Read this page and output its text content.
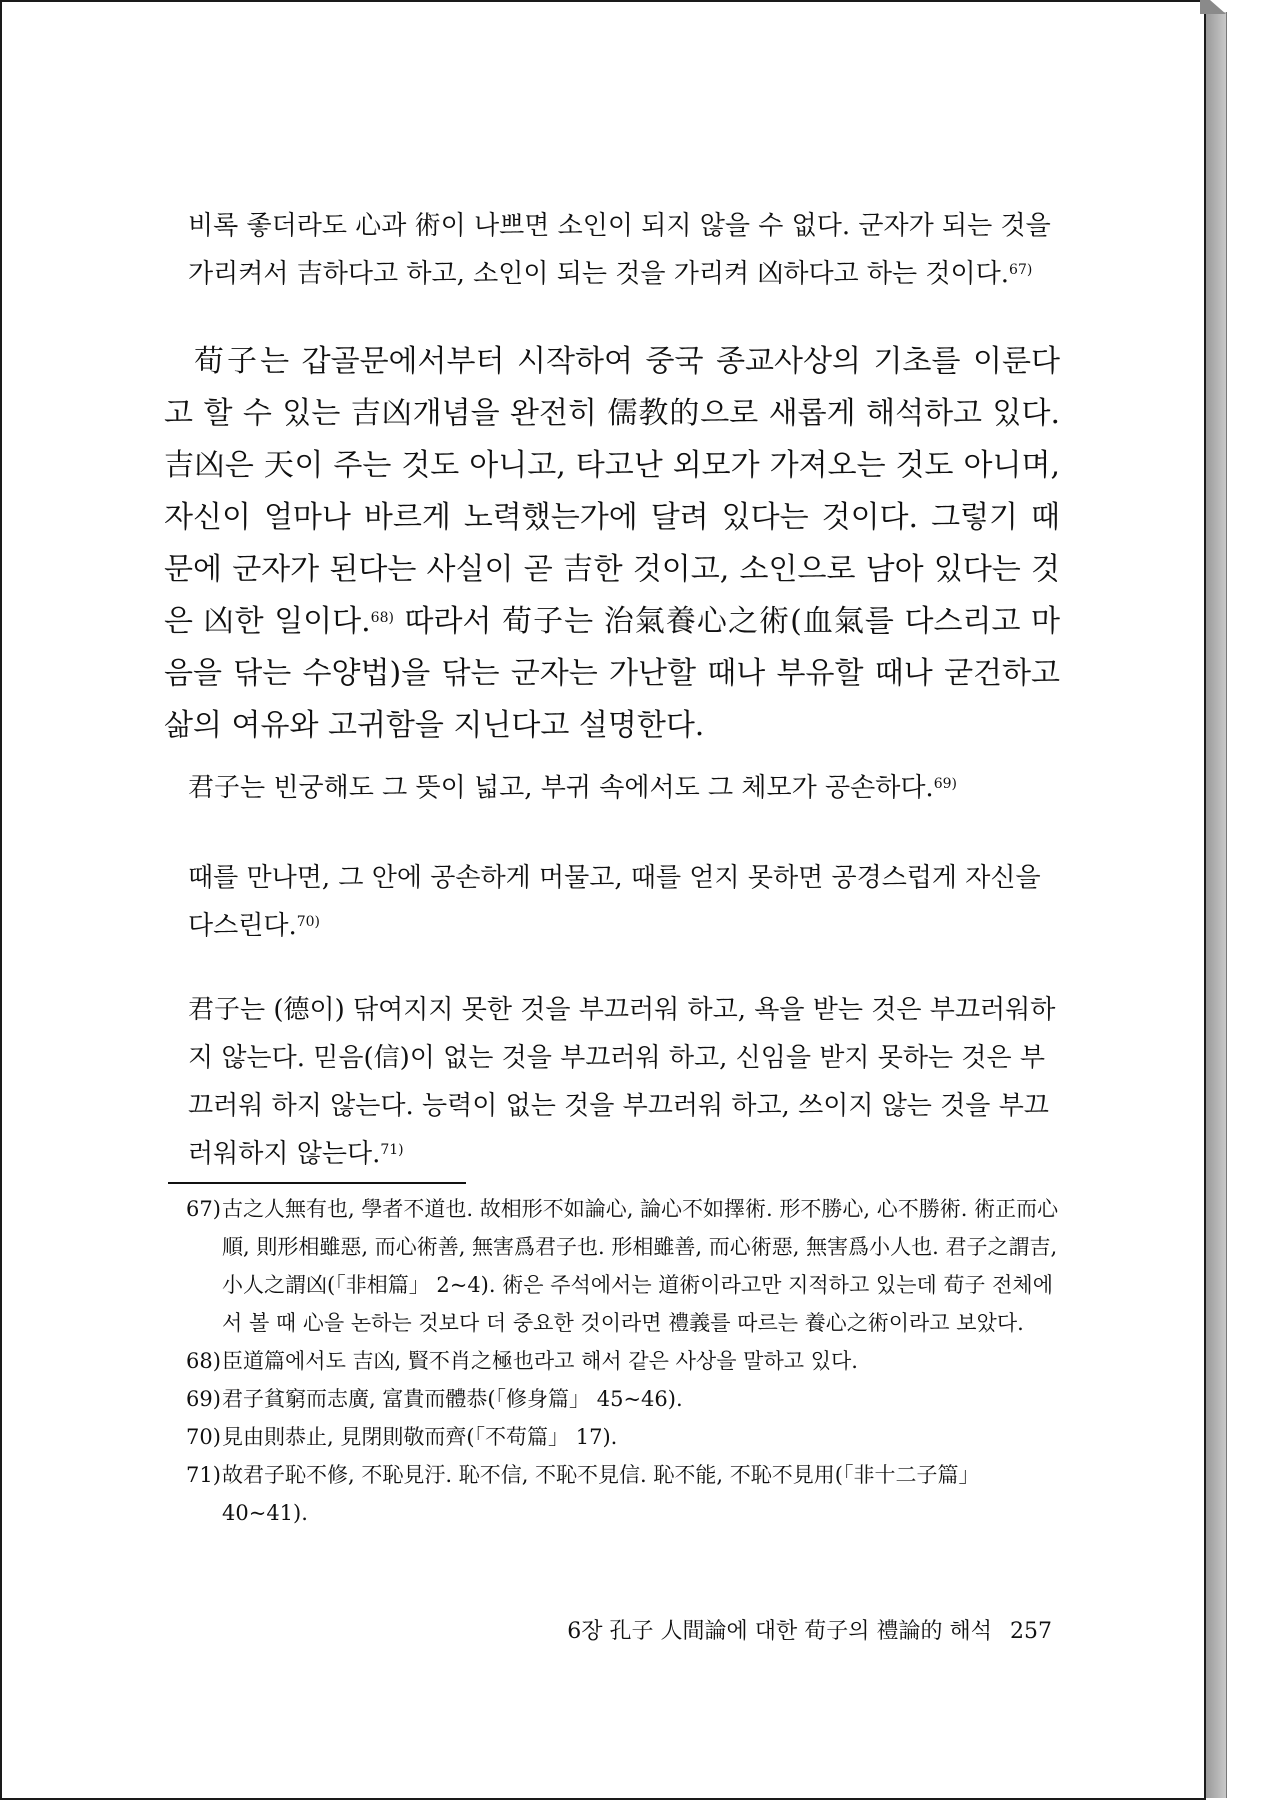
비록 좋더라도 心과 術이 나쁘면 소인이 되지 않을 수 없다. 군자가 되는 것을 가리켜서 吉하다고 하고, 소인이 되는 것을 가리켜 凶하다고 하는 것이다.$^{67)}$

荀子는 갑골문에서부터 시작하여 중국 종교사상의 기초를 이룬다고 할 수 있는 吉凶개념을 완전히 儒教的으로 새롭게 해석하고 있다. 吉凶은 天이 주는 것도 아니고, 타고난 외모가 가져오는 것도 아니며, 자신이 얼마나 바르게 노력했는가에 달려 있다는 것이다. 그렇기 때문에 군자가 된다는 사실이 곧 吉한 것이고, 소인으로 남아 있다는 것은 凶한 일이다.$^{68)}$ 따라서 荀子는 治氣養心之術(血氣를 다스리고 마음을 닦는 수양법)을 닦는 군자는 가난할 때나 부유할 때나 굳건하고 삶의 여유와 고귀함을 지닌다고 설명한다.

君子는 빈궁해도 그 뜻이 넓고, 부귀 속에서도 그 체모가 공손하다.$^{69)}$

때를 만나면, 그 안에 공손하게 머물고, 때를 얻지 못하면 공경스럽게 자신을 다스린다.$^{70)}$

君子는 (德이) 닦여지지 못한 것을 부끄러워 하고, 욕을 받는 것은 부끄러워하지 않는다. 믿음(信)이 없는 것을 부끄러워 하고, 신임을 받지 못하는 것은 부끄러워 하지 않는다. 능력이 없는 것을 부끄러워 하고, 쓰이지 않는 것을 부끄러워하지 않는다.$^{71)}$

67)古之人無有也, 學者不道也. 故相形不如論心, 論心不如擇術. 形不勝心, 心不勝術. 術正而心順, 則形相雖惡, 而心術善, 無害爲君子也. 形相雖善, 而心術惡, 無害爲小人也. 君子之謂吉, 小人之謂凶(「非相篇」 2~4). 術은 주석에서는 道術이라고만 지적하고 있는데 荀子 전체에서 볼 때 心을 논하는 것보다 더 중요한 것이라면 禮義를 따르는 養心之術이라고 보았다.

68)臣道篇에서도 吉凶, 賢不肖之極也라고 해서 같은 사상을 말하고 있다.

69)君子貧窮而志廣, 富貴而體恭(「修身篇」 45~46).

70)見由則恭止, 見閉則敬而齊(「不苟篇」 17).

71)故君子恥不修, 不恥見汙. 恥不信, 不恥不見信. 恥不能, 不恥不見用(「非十二子篇」 40~41).

6장 孔子 人間論에 대한 荀子의 禮論的 해석 257
